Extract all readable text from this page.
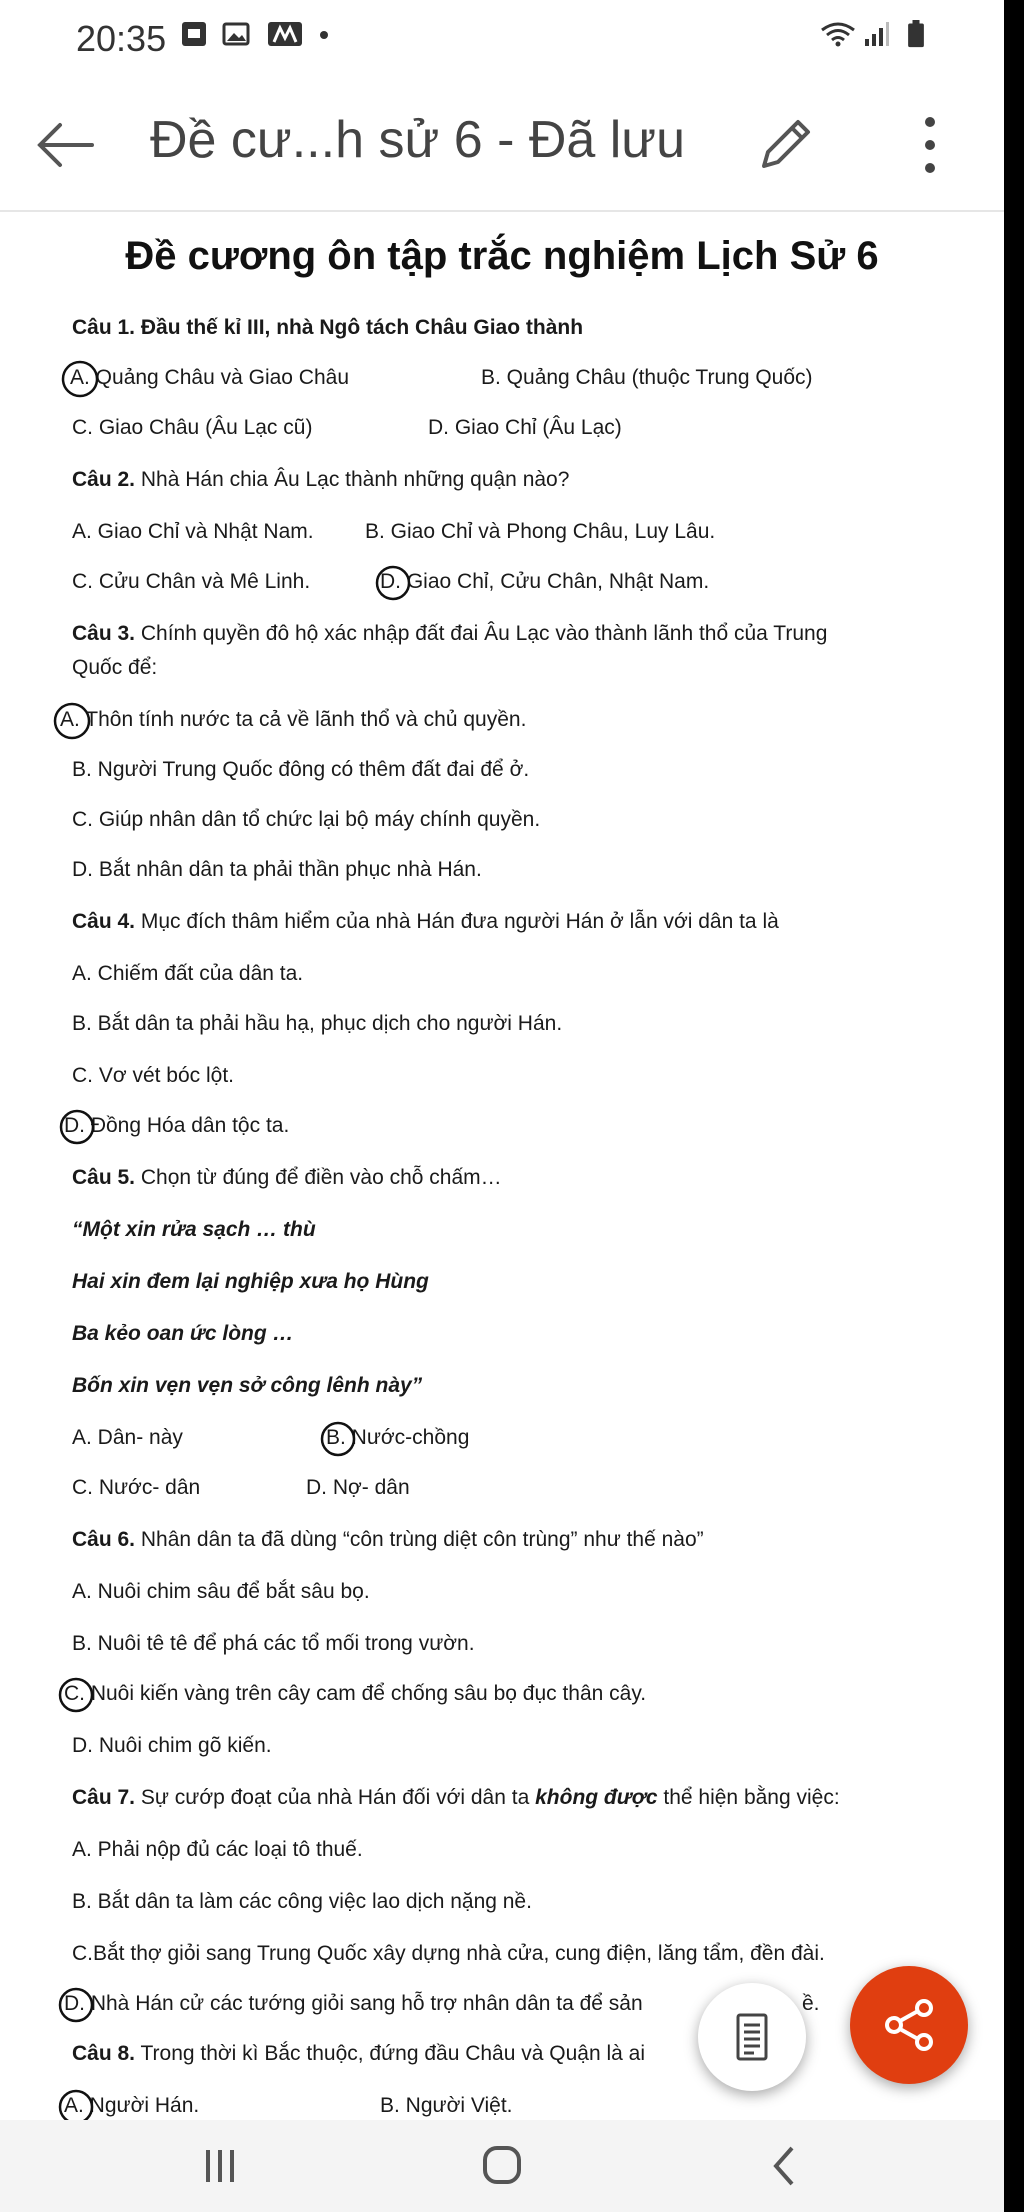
20:35
Đề cư...h sử 6 - Đã lưu
Đề cương ôn tập trắc nghiệm Lịch Sử 6
Câu 1. Đầu thế kỉ III, nhà Ngô tách Châu Giao thành
A. Quảng Châu và Giao Châu	B. Quảng Châu (thuộc Trung Quốc)
C. Giao Châu (Âu Lạc cũ)	D. Giao Chỉ (Âu Lạc)
Câu 2. Nhà Hán chia Âu Lạc thành những quận nào?
A. Giao Chỉ và Nhật Nam. B. Giao Chỉ và Phong Châu, Luy Lâu.
C. Cửu Chân và Mê Linh.	D. Giao Chỉ, Cửu Chân, Nhật Nam.
Câu 3. Chính quyền đô hộ xác nhập đất đai Âu Lạc vào thành lãnh thổ của Trung
Quốc để:
A. Thôn tính nước ta cả về lãnh thổ và chủ quyền.
B. Người Trung Quốc đông có thêm đất đai để ở.
C. Giúp nhân dân tổ chức lại bộ máy chính quyền.
D. Bắt nhân dân ta phải thần phục nhà Hán.
Câu 4. Mục đích thâm hiểm của nhà Hán đưa người Hán ở lẫn với dân ta là
A. Chiếm đất của dân ta.
B. Bắt dân ta phải hầu hạ, phục dịch cho người Hán.
C. Vơ vét bóc lột.
D. Đồng Hóa dân tộc ta.
Câu 5. Chọn từ đúng để điền vào chỗ chấm…
“Một xin rửa sạch … thù
Hai xin đem lại nghiệp xưa họ Hùng
Ba kẻo oan ức lòng …
Bốn xin vẹn vẹn sở công lênh này”
A. Dân- này	B. Nước-chồng
C. Nước- dân	D. Nợ- dân
Câu 6. Nhân dân ta đã dùng “côn trùng diệt côn trùng” như thế nào”
A. Nuôi chim sâu để bắt sâu bọ.
B. Nuôi tê tê để phá các tổ mối trong vườn.
C. Nuôi kiến vàng trên cây cam để chống sâu bọ đục thân cây.
D. Nuôi chim gõ kiến.
Câu 7. Sự cướp đoạt của nhà Hán đối với dân ta không được thể hiện bằng việc:
A. Phải nộp đủ các loại tô thuế.
B. Bắt dân ta làm các công việc lao dịch nặng nề.
C.Bắt thợ giỏi sang Trung Quốc xây dựng nhà cửa, cung điện, lăng tẩm, đền đài.
D. Nhà Hán cử các tướng giỏi sang hỗ trợ nhân dân ta để sản	ề.
Câu 8. Trong thời kì Bắc thuộc, đứng đầu Châu và Quận là ai
A. Người Hán.	B. Người Việt.
